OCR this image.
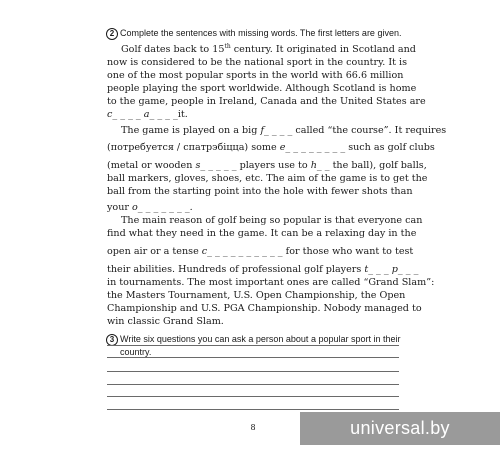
2 Complete the sentences with missing words. The first letters are given.
Golf dates back to 15th century. It originated in Scotland and
now is considered to be the national sport in the country. It is
one of the most popular sports in the world with 66.6 million
people playing the sport worldwide. Although Scotland is home
to the game, people in Ireland, Canada and the United States are
c_ _ _ _ a_ _ _ _it.
The game is played on a big f_ _ _ _ called “the course”. It requires
(потребуется / спатрэбіцца) some e_ _ _ _ _ _ _ _ such as golf clubs
(metal or wooden s_ _ _ _ _ players use to h_ _ the ball), golf balls,
ball markers, gloves, shoes, etc. The aim of the game is to get the
ball from the starting point into the hole with fewer shots than
your o_ _ _ _ _ _ _.
The main reason of golf being so popular is that everyone can
find what they need in the game. It can be a relaxing day in the
open air or a tense c_ _ _ _ _ _ _ _ _ _ for those who want to test
their abilities. Hundreds of professional golf players t_ _ _ p_ _ _
in tournaments. The most important ones are called “Grand Slam”:
the Masters Tournament, U.S. Open Championship, the Open
Championship and U.S. PGA Championship. Nobody managed to
win classic Grand Slam.
3 Write six questions you can ask a person about a popular sport in their
country.
8	universal.by
